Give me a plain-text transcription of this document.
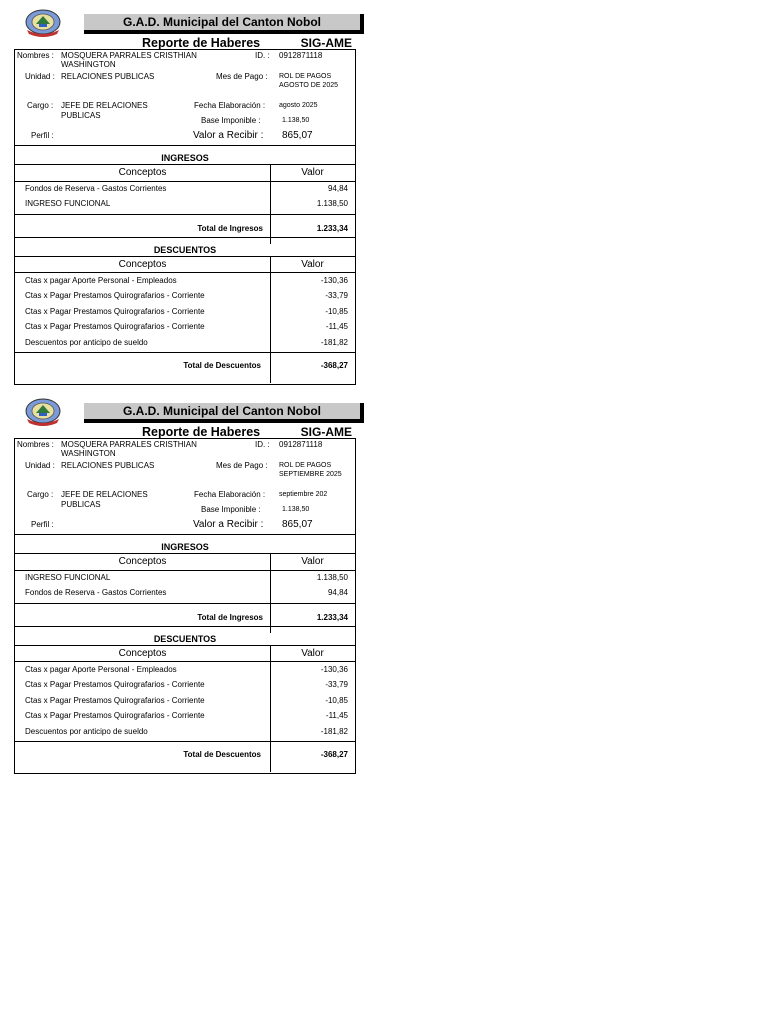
G.A.D. Municipal del Canton Nobol
Reporte de Haberes	SIG-AME
Nombres : MOSQUERA PARRALES CRISTHIAN
WASHINGTON
ID. : 0912871118
Unidad : RELACIONES PUBLICAS	Mes de Pago : ROL DE PAGOS
AGOSTO DE 2025
Cargo : JEFE DE RELACIONES
PUBLICAS
Fecha Elaboración : agosto 2025
Base Imponible :	1.138,50
Perfil :	Valor a Recibir : 865,07
INGRESOS
Conceptos	Valor
Fondos de Reserva - Gastos Corrientes	94,84
INGRESO FUNCIONAL	1.138,50
Total de Ingresos	1.233,34
DESCUENTOS
Conceptos	Valor
Ctas x pagar Aporte Personal - Empleados	-130,36
Ctas x Pagar Prestamos Quirografarios - Corriente	-33,79
Ctas x Pagar Prestamos Quirografarios - Corriente	-10,85
Ctas x Pagar Prestamos Quirografarios - Corriente	-11,45
Descuentos por anticipo de sueldo	-181,82
Total de Descuentos	-368,27
G.A.D. Municipal del Canton Nobol
Reporte de Haberes	SIG-AME
Nombres : MOSQUERA PARRALES CRISTHIAN
WASHINGTON
ID. : 0912871118
Unidad : RELACIONES PUBLICAS	Mes de Pago : ROL DE PAGOS
SEPTIEMBRE 2025
Cargo : JEFE DE RELACIONES
PUBLICAS
Fecha Elaboración : septiembre 202
Base Imponible :	1.138,50
Perfil :	Valor a Recibir : 865,07
INGRESOS
Conceptos	Valor
INGRESO FUNCIONAL	1.138,50
Fondos de Reserva - Gastos Corrientes	94,84
Total de Ingresos	1.233,34
DESCUENTOS
Conceptos	Valor
Ctas x pagar Aporte Personal - Empleados	-130,36
Ctas x Pagar Prestamos Quirografarios - Corriente	-33,79
Ctas x Pagar Prestamos Quirografarios - Corriente	-10,85
Ctas x Pagar Prestamos Quirografarios - Corriente	-11,45
Descuentos por anticipo de sueldo	-181,82
Total de Descuentos	-368,27
